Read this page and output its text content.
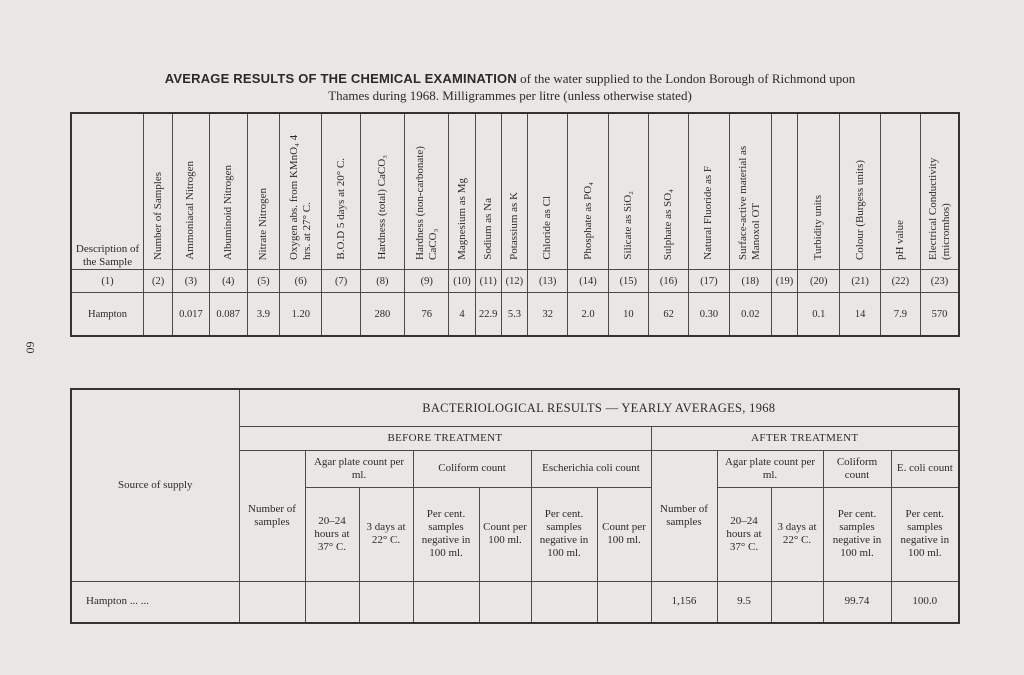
AVERAGE RESULTS OF THE CHEMICAL EXAMINATION of the water supplied to the London Borough of Richmond upon
Thames during 1968. Milligrammes per litre (unless otherwise stated)
60
Description of the Sample	Number of Samples	Ammoniacal Nitrogen	Albuminoid Nitrogen	Nitrate Nitrogen	Oxygen abs. from KMnO₄ 4 hrs. at 27° C.	B.O.D 5 days at 20° C.	Hardness (total) CaCO₃	Hardness (non-carbonate) CaCO₃	Magnesium as Mg	Sodium as Na	Potassium as K	Chloride as Cl	Phosphate as PO₄	Silicate as SiO₂	Sulphate as SO₄	Natural Fluoride as F	Surface-active material as Manoxol OT		Turbidity units	Colour (Burgess units)	pH value	Electrical Conductivity (micromhos)
(1)	(2)	(3)	(4)	(5)	(6)	(7)	(8)	(9)	(10)	(11)	(12)	(13)	(14)	(15)	(16)	(17)	(18)	(19)	(20)	(21)	(22)	(23)
Hampton		0.017	0.087	3.9	1.20		280	76	4	22.9	5.3	32	2.0	10	62	0.30	0.02		0.1	14	7.9	570
Source of supply	BACTERIOLOGICAL RESULTS — YEARLY AVERAGES, 1968											
	BEFORE TREATMENT							AFTER TREATMENT				
	Number of samples	Agar plate count per ml.		Coliform count		Escherichia coli count		Number of samples	Agar plate count per ml.		Coliform count	E. coli count
		20–24 hours at 37° C.	3 days at 22° C.	Per cent. samples negative in 100 ml.	Count per 100 ml.	Per cent. samples negative in 100 ml.	Count per 100 ml.		20–24 hours at 37° C.	3 days at 22° C.	Per cent. samples negative in 100 ml.	Per cent. samples negative in 100 ml.
Hampton ... ...								1,156	9.5		99.74	100.0
